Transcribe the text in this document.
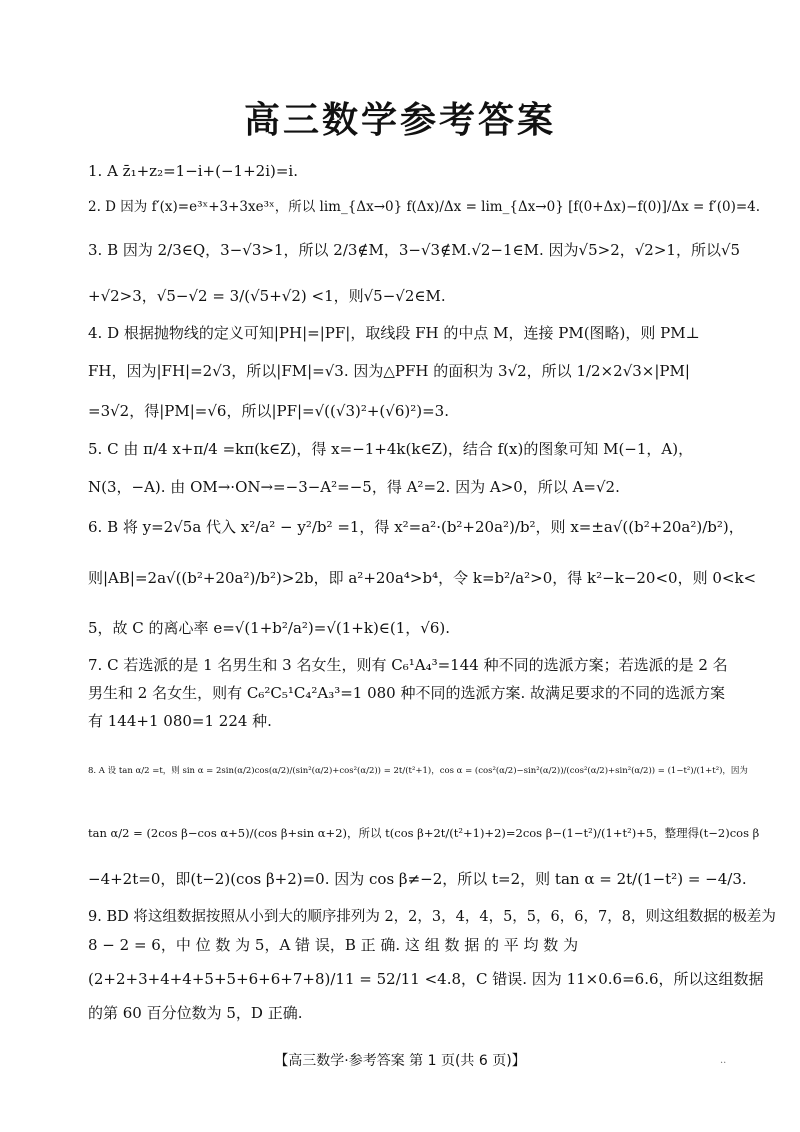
高三数学参考答案
1. A z̄₁+z₂=1−i+(−1+2i)=i.
2. D 因为 f′(x)=e³ˣ+3+3xe³ˣ，所以 lim_{Δx→0} f(Δx)/Δx = lim_{Δx→0} [f(0+Δx)−f(0)]/Δx = f′(0)=4.
3. B 因为 2/3∈Q，3−√3>1，所以 2/3∉M，3−√3∉M.√2−1∈M. 因为√5>2，√2>1，所以√5
+√2>3，√5−√2 = 3/(√5+√2) <1，则√5−√2∈M.
4. D 根据抛物线的定义可知|PH|=|PF|，取线段 FH 的中点 M，连接 PM(图略)，则 PM⊥
FH，因为|FH|=2√3，所以|FM|=√3. 因为△PFH 的面积为 3√2，所以 1/2×2√3×|PM|
=3√2，得|PM|=√6，所以|PF|=√((√3)²+(√6)²)=3.
5. C 由 π/4 x+π/4 =kπ(k∈Z)，得 x=−1+4k(k∈Z)，结合 f(x)的图象可知 M(−1，A)，
N(3，−A). 由 OM→·ON→=−3−A²=−5，得 A²=2. 因为 A>0，所以 A=√2.
6. B 将 y=2√5a 代入 x²/a² − y²/b² =1，得 x²=a²·(b²+20a²)/b²，则 x=±a√((b²+20a²)/b²)，
则|AB|=2a√((b²+20a²)/b²)>2b，即 a²+20a⁴>b⁴，令 k=b²/a²>0，得 k²−k−20<0，则 0<k<
5，故 C 的离心率 e=√(1+b²/a²)=√(1+k)∈(1，√6).
7. C 若选派的是 1 名男生和 3 名女生，则有 C₆¹A₄³=144 种不同的选派方案；若选派的是 2 名
男生和 2 名女生，则有 C₆²C₅¹C₄²A₃³=1 080 种不同的选派方案. 故满足要求的不同的选派方案
有 144+1 080=1 224 种.
8. A 设 tan α/2 =t，则 sin α = 2sin(α/2)cos(α/2)/(sin²(α/2)+cos²(α/2)) = 2t/(t²+1)，cos α = (cos²(α/2)−sin²(α/2))/(cos²(α/2)+sin²(α/2)) = (1−t²)/(1+t²)，因为
tan α/2 = (2cos β−cos α+5)/(cos β+sin α+2)，所以 t(cos β+2t/(t²+1)+2)=2cos β−(1−t²)/(1+t²)+5，整理得(t−2)cos β
−4+2t=0，即(t−2)(cos β+2)=0. 因为 cos β≠−2，所以 t=2，则 tan α = 2t/(1−t²) = −4/3.
9. BD 将这组数据按照从小到大的顺序排列为 2，2，3，4，4，5，5，6，6，7，8，则这组数据的极差为
8 − 2 = 6，中 位 数 为 5，A 错 误，B 正 确. 这 组 数 据 的 平 均 数 为
(2+2+3+4+4+5+5+6+6+7+8)/11 = 52/11 <4.8，C 错误. 因为 11×0.6=6.6，所以这组数据
的第 60 百分位数为 5，D 正确.
【高三数学·参考答案 第 1 页(共 6 页)】	··
